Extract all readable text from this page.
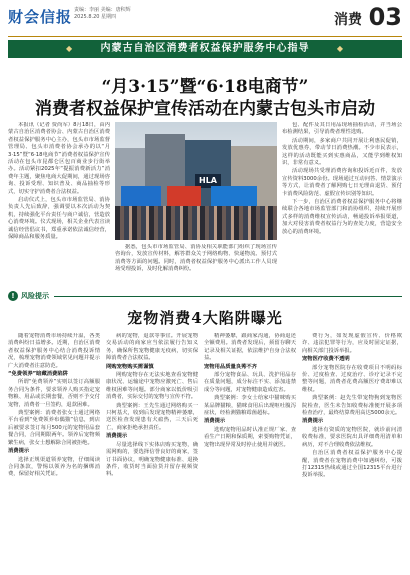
财会信报 责编：李丽 美编：唐积辉
2025.8.20 星期四	消费 03
◆ 内蒙古自治区消费者权益保护服务中心指导 ◆
“月3·15”暨“6·18电商节”
消费者权益保护宣传活动在内蒙古包头市启动

本报讯（记者 贾尚军）8月18日，由内蒙古自治区消费者协会、内蒙古自治区消费者权益保护服务中心主办，包头市市场监督管理局、包头市消费者协会承办的以“月3·15”暨“6·18电商节”消费者权益保护宣传活动在包头市昆都仑区包百商业步行街举办。活动紧扣2025年“提振消费新活力”消费年主题，聚焦电商大促期间，通过现场咨询、投诉受理、知识普及、商品抽检等形式，切实守护消费者合法权益。

启动仪式上，包头市市场监管局、消协负责人先后致辞，强调要以本次活动为契机，持续强化平台责任与商户诚信，营造放心消费环境。仪式现场，相关企业代表宣读诚信经营倡议书，郑重承诺依法诚信经营，保障商品和服务质量。

据悉，包头市市场监管局、消协及相关职能部门组织了现场宣传咨询台，发放宣传材料，解答群众关于网络购物、快递物流、预付式消费等方面的问题。同时，消费者权益保护服务中心派出工作人员现场受理投诉，及时化解消费纠纷。

包、配件及其日用品现场抽检活动，并当场公布检测结果，引导消费者理性选购。

活动期间，多家商户共同开展让利惠民促销，发放优惠券，带动节日消费热潮。不少市民表示，这样的活动既能买到实惠商品，又能学到维权知识，非常有意义。

活动现场共受理消费咨询和投诉近百件，发放宣传资料3000余份。现场通过互动问答、情景演示等方式，让消费者了解网购七日无理由退货、预付卡消费风险防范、虚假宣传识别等知识。

下一步，自治区消费者权益保护服务中心将继续联合各地市场监管部门和消协组织，持续开展形式多样的消费维权宣传活动，畅通投诉举报渠道，加大对侵害消费者权益行为的查处力度，营造安全放心的消费环境。

HLA
! 风险提示
宠物消费4大陷阱曝光

随着宠物消费市场持续升温，各类消费纠纷日益增多。近期，自治区消费者权益保护服务中心结合消费投诉情况，梳理宠物消费领域常见问题并提示广大消费者注意防范。

“免费领养”暗藏消费陷阱

所谓“免费领养”实则以签订高额服务合同为条件，要求领养人购买指定宠物粮、用品或长期套餐，否则不予交付宠物，消费者一旦签约，退款困难。

典型案例：消费者张女士通过网络平台看到“免费领养布偶猫”信息，到店后被要求签订每月500元的宠物用品套餐合同，合同期限两年。领养后宠物频繁生病，张女士想解除合同被拒绝。

消费提示

选择正规渠道领养宠物，仔细阅读合同条款，警惕以领养为名的捆绑消费，保留好相关凭证。

病的宠物，退款等事宜。开展宠物交易活动的商家应当依法履行告知义务，确保所售宠物健康无疫病，切实保障消费者合法权益。

网购宠物购买需谨慎

网购宠物存在无法实地查看宠物健康状况、运输途中宠物应激死亡、售后维权困难等问题。部分商家以低价吸引消费者，实际交付的宠物与宣传不符。

典型案例：王先生通过网络购买一只柯基犬，收到后发现宠物精神萎靡，送医检查发现患有犬瘟热，三天后死亡，商家拒绝承担责任。

消费提示

尽量选择线下实体店购买宠物，确需网购的，要选择信誉良好的商家，签订书面协议，明确宠物健康标准、退换条件，收货时当面验货并留存视频资料。

精神萎靡，跟商家沟通，协商退还全额费用。消费者发现后，须留存聊天记录及相关证据，依法维护自身合法权益。

宠物用品质量良莠不齐

部分宠物食品、玩具、洗护用品存在质量问题，成分标注不实、添加违禁成分等问题，对宠物健康造成危害。

典型案例：李女士给家中猫咪购买某品牌猫粮，猫咪食用后出现呕吐腹泻症状，经检测猫粮霉菌超标。

消费提示

选购宠物用品时认准正规厂家、查看生产日期和保质期，索要购物凭证，宠物出现异常及时停止使用并就医。

费行为，如发现虚假宣传、价格欺诈、违法犯罪等行为，应及时固定证据，向相关部门投诉举报。

宠物医疗收费不透明

部分宠物医院存在收费项目不明码标价、过度检查、过度治疗、诊疗记录不完整等问题，消费者花费高额医疗费却难以维权。

典型案例：赵先生带宠物狗到宠物医院检查，医生未告知收费标准便开展多项检查治疗，最终结算费用高达5000余元。

消费提示

选择有资质的宠物医院，就诊前问清收费标准，要求医院出具详细费用清单和病历，对不合理收费依法维权。

自治区消费者权益保护服务中心提醒，消费者在宠物消费中如遇纠纷，可拨打12315热线或通过全国12315平台进行投诉举报。
